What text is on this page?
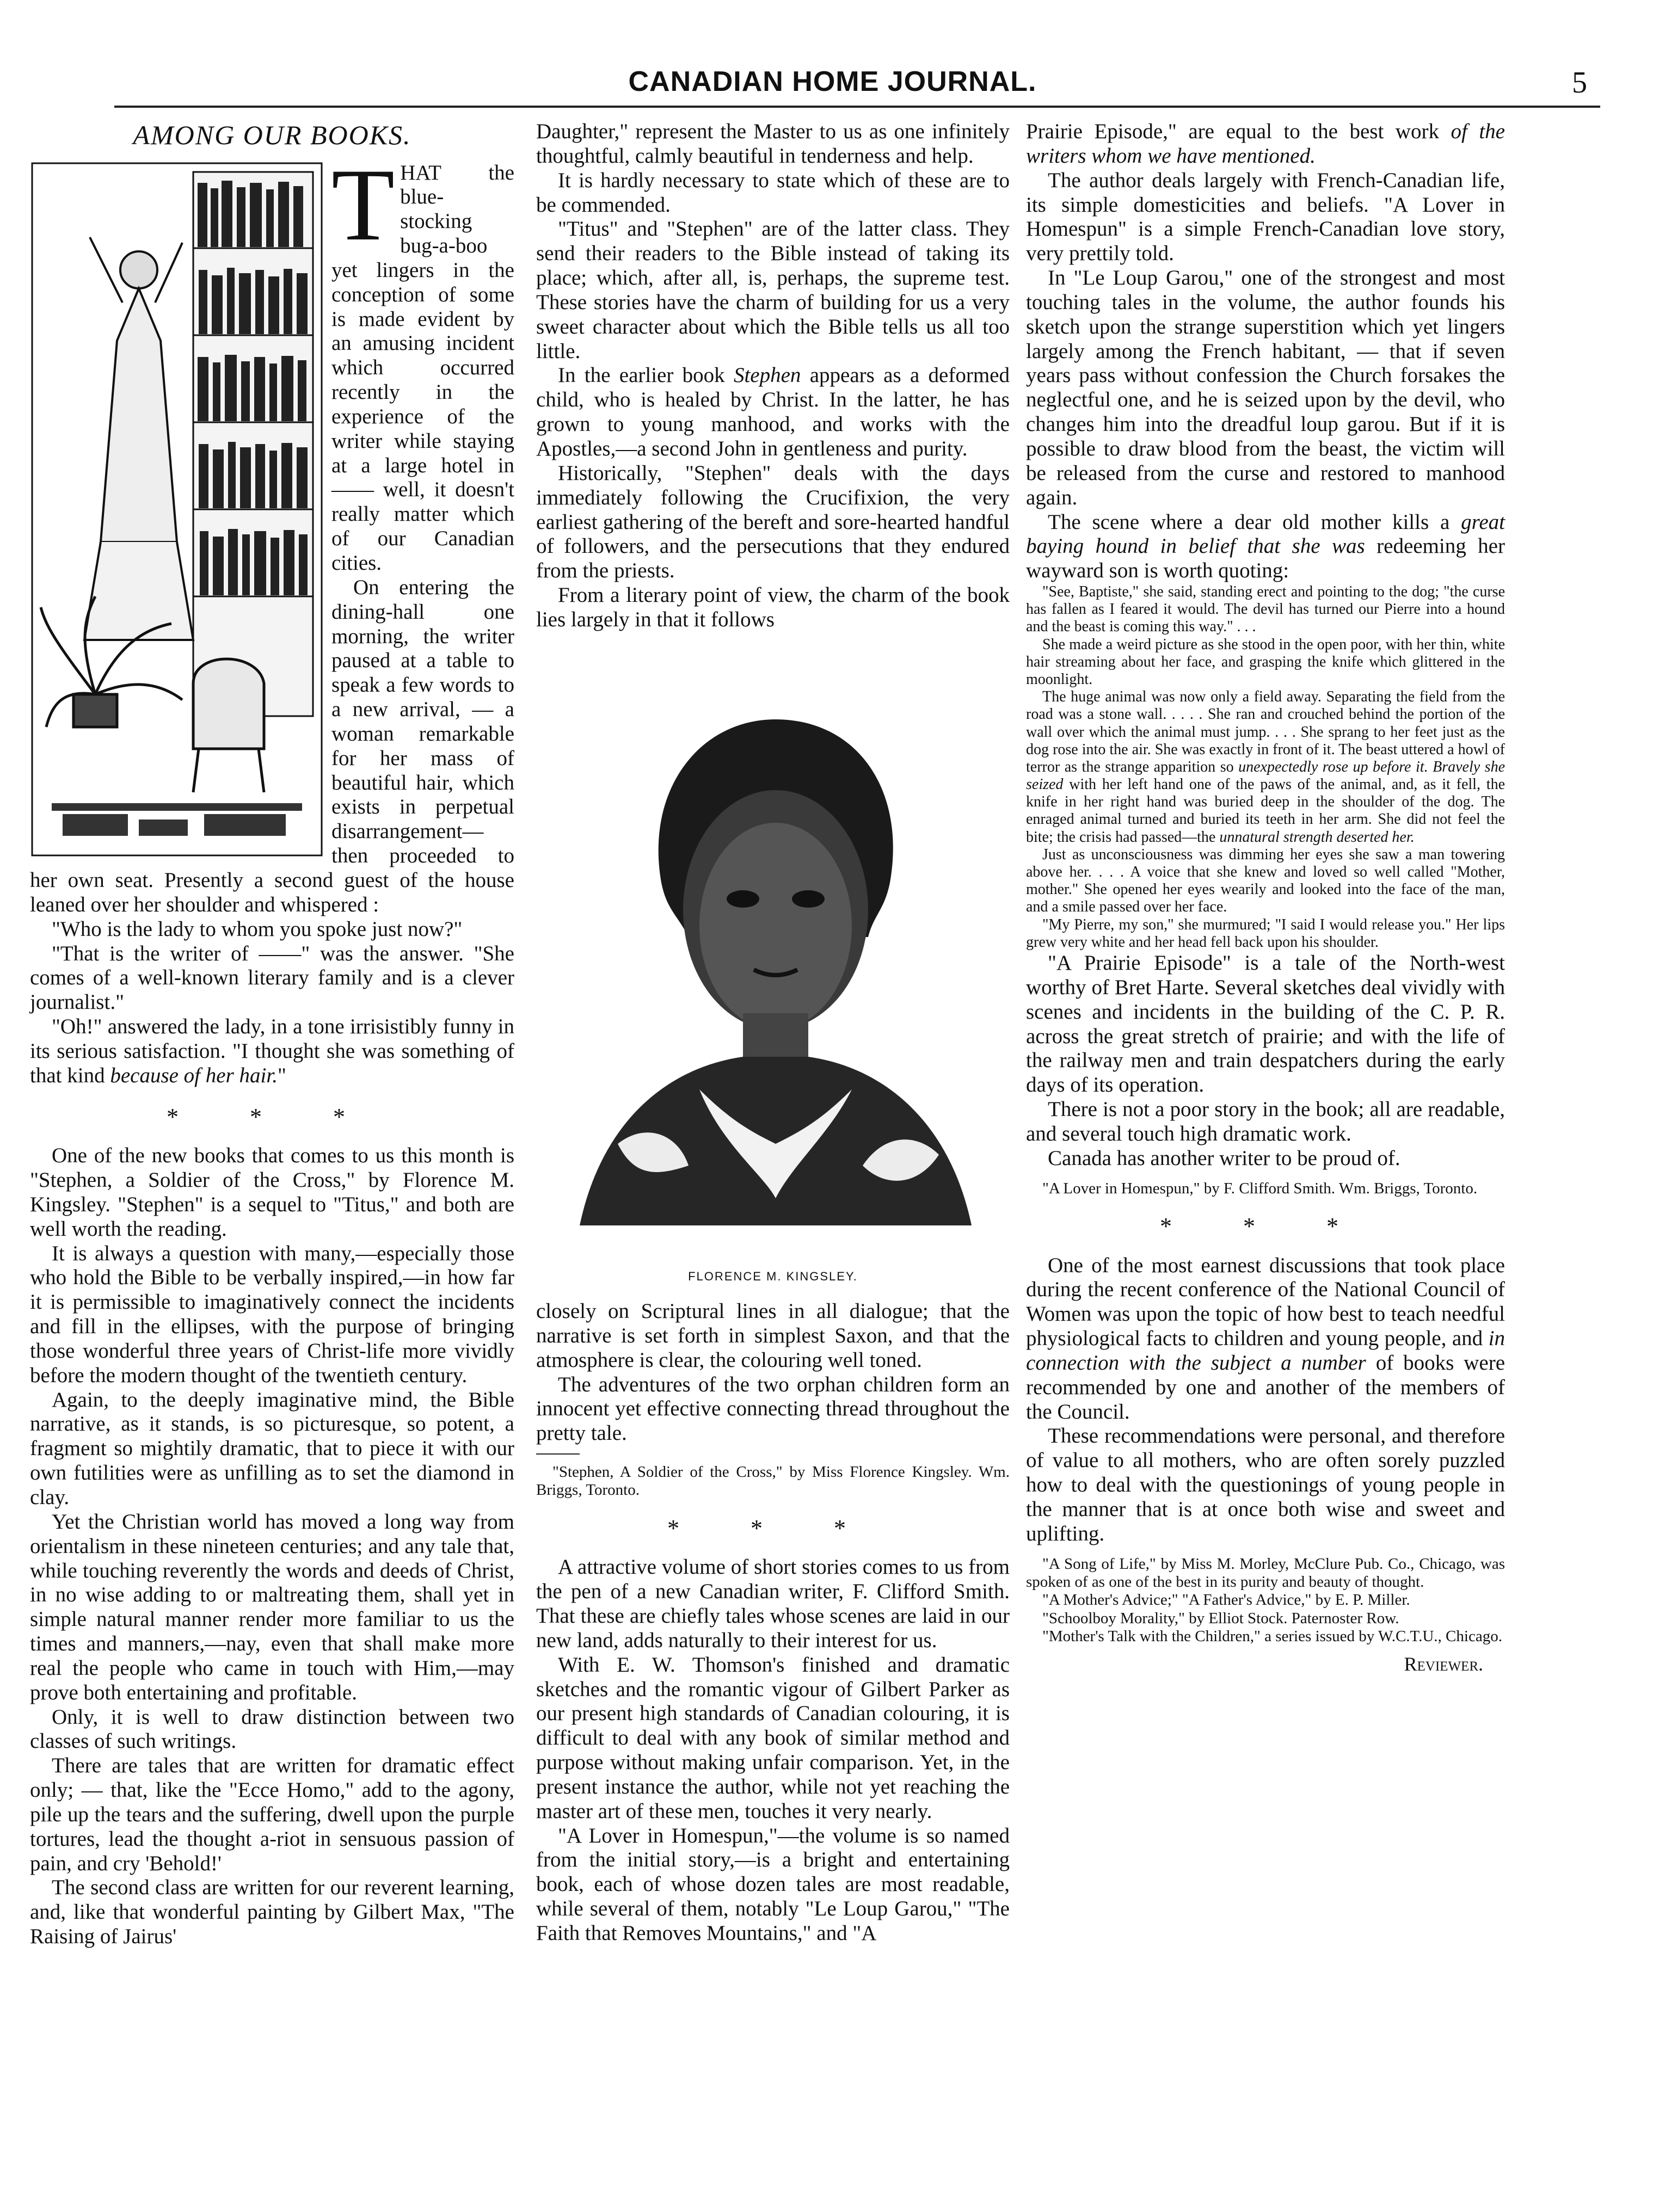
CANADIAN HOME JOURNAL.	5
AMONG OUR BOOKS.

THAT the blue-stocking bug-a-boo yet lingers in the conception of some is made evident by an amusing incident which occurred recently in the experience of the writer while staying at a large hotel in —— well, it doesn't really matter which of our Canadian cities.

On entering the dining-hall one morning, the writer paused at a table to speak a few words to a new arrival, — a woman remarkable for her mass of beautiful hair, which exists in perpetual disarrangement—then proceeded to her own seat. Presently a second guest of the house leaned over her shoulder and whispered :

"Who is the lady to whom you spoke just now?"

"That is the writer of ——" was the answer. "She comes of a well-known literary family and is a clever journalist."

"Oh!" answered the lady, in a tone irrisistibly funny in its serious satisfaction. "I thought she was something of that kind because of her hair."

* * *

One of the new books that comes to us this month is "Stephen, a Soldier of the Cross," by Florence M. Kingsley. "Stephen" is a sequel to "Titus," and both are well worth the reading.

It is always a question with many,—especially those who hold the Bible to be verbally inspired,—in how far it is permissible to imaginatively connect the incidents and fill in the ellipses, with the purpose of bringing those wonderful three years of Christ-life more vividly before the modern thought of the twentieth century.

Again, to the deeply imaginative mind, the Bible narrative, as it stands, is so picturesque, so potent, a fragment so mightily dramatic, that to piece it with our own futilities were as unfilling as to set the diamond in clay.

Yet the Christian world has moved a long way from orientalism in these nineteen centuries; and any tale that, while touching reverently the words and deeds of Christ, in no wise adding to or maltreating them, shall yet in simple natural manner render more familiar to us the times and manners,—nay, even that shall make more real the people who came in touch with Him,—may prove both entertaining and profitable.

Only, it is well to draw distinction between two classes of such writings.

There are tales that are written for dramatic effect only; — that, like the "Ecce Homo," add to the agony, pile up the tears and the suffering, dwell upon the purple tortures, lead the thought a-riot in sensuous passion of pain, and cry 'Behold!'

The second class are written for our reverent learning, and, like that wonderful painting by Gilbert Max, "The Raising of Jairus'

Daughter," represent the Master to us as one infinitely thoughtful, calmly beautiful in tenderness and help.

It is hardly necessary to state which of these are to be commended.

"Titus" and "Stephen" are of the latter class. They send their readers to the Bible instead of taking its place; which, after all, is, perhaps, the supreme test. These stories have the charm of building for us a very sweet character about which the Bible tells us all too little.

In the earlier book Stephen appears as a deformed child, who is healed by Christ. In the latter, he has grown to young manhood, and works with the Apostles,—a second John in gentleness and purity.

Historically, "Stephen" deals with the days immediately following the Crucifixion, the very earliest gathering of the bereft and sore-hearted handful of followers, and the persecutions that they endured from the priests.

From a literary point of view, the charm of the book lies largely in that it follows

FLORENCE M. KINGSLEY.

closely on Scriptural lines in all dialogue; that the narrative is set forth in simplest Saxon, and that the atmosphere is clear, the colouring well toned.

The adventures of the two orphan children form an innocent yet effective connecting thread throughout the pretty tale.

"Stephen, A Soldier of the Cross," by Miss Florence Kingsley. Wm. Briggs, Toronto.

* * *

A attractive volume of short stories comes to us from the pen of a new Canadian writer, F. Clifford Smith. That these are chiefly tales whose scenes are laid in our new land, adds naturally to their interest for us.

With E. W. Thomson's finished and dramatic sketches and the romantic vigour of Gilbert Parker as our present high standards of Canadian colouring, it is difficult to deal with any book of similar method and purpose without making unfair comparison. Yet, in the present instance the author, while not yet reaching the master art of these men, touches it very nearly.

"A Lover in Homespun,"—the volume is so named from the initial story,—is a bright and entertaining book, each of whose dozen tales are most readable, while several of them, notably "Le Loup Garou," "The Faith that Removes Mountains," and "A

Prairie Episode," are equal to the best work of the writers whom we have mentioned.

The author deals largely with French-Canadian life, its simple domesticities and beliefs. "A Lover in Homespun" is a simple French-Canadian love story, very prettily told.

In "Le Loup Garou," one of the strongest and most touching tales in the volume, the author founds his sketch upon the strange superstition which yet lingers largely among the French habitant, — that if seven years pass without confession the Church forsakes the neglectful one, and he is seized upon by the devil, who changes him into the dreadful loup garou. But if it is possible to draw blood from the beast, the victim will be released from the curse and restored to manhood again.

The scene where a dear old mother kills a great baying hound in belief that she was redeeming her wayward son is worth quoting:

"See, Baptiste," she said, standing erect and pointing to the dog; "the curse has fallen as I feared it would. The devil has turned our Pierre into a hound and the beast is coming this way." . . .

She made a weird picture as she stood in the open poor, with her thin, white hair streaming about her face, and grasping the knife which glittered in the moonlight.

The huge animal was now only a field away. Separating the field from the road was a stone wall. . . . . She ran and crouched behind the portion of the wall over which the animal must jump. . . . She sprang to her feet just as the dog rose into the air. She was exactly in front of it. The beast uttered a howl of terror as the strange apparition so unexpectedly rose up before it. Bravely she seized with her left hand one of the paws of the animal, and, as it fell, the knife in her right hand was buried deep in the shoulder of the dog. The enraged animal turned and buried its teeth in her arm. She did not feel the bite; the crisis had passed—the unnatural strength deserted her.

Just as unconsciousness was dimming her eyes she saw a man towering above her. . . . A voice that she knew and loved so well called "Mother, mother." She opened her eyes wearily and looked into the face of the man, and a smile passed over her face.

"My Pierre, my son," she murmured; "I said I would release you." Her lips grew very white and her head fell back upon his shoulder.

"A Prairie Episode" is a tale of the North-west worthy of Bret Harte. Several sketches deal vividly with scenes and incidents in the building of the C. P. R. across the great stretch of prairie; and with the life of the railway men and train despatchers during the early days of its operation.

There is not a poor story in the book; all are readable, and several touch high dramatic work.

Canada has another writer to be proud of.

"A Lover in Homespun," by F. Clifford Smith. Wm. Briggs, Toronto.

* * *

One of the most earnest discussions that took place during the recent conference of the National Council of Women was upon the topic of how best to teach needful physiological facts to children and young people, and in connection with the subject a number of books were recommended by one and another of the members of the Council.

These recommendations were personal, and therefore of value to all mothers, who are often sorely puzzled how to deal with the questionings of young people in the manner that is at once both wise and sweet and uplifting.

"A Song of Life," by Miss M. Morley, McClure Pub. Co., Chicago, was spoken of as one of the best in its purity and beauty of thought.

"A Mother's Advice;" "A Father's Advice," by E. P. Miller.

"Schoolboy Morality," by Elliot Stock. Paternoster Row.

"Mother's Talk with the Children," a series issued by W.C.T.U., Chicago.

Reviewer.
